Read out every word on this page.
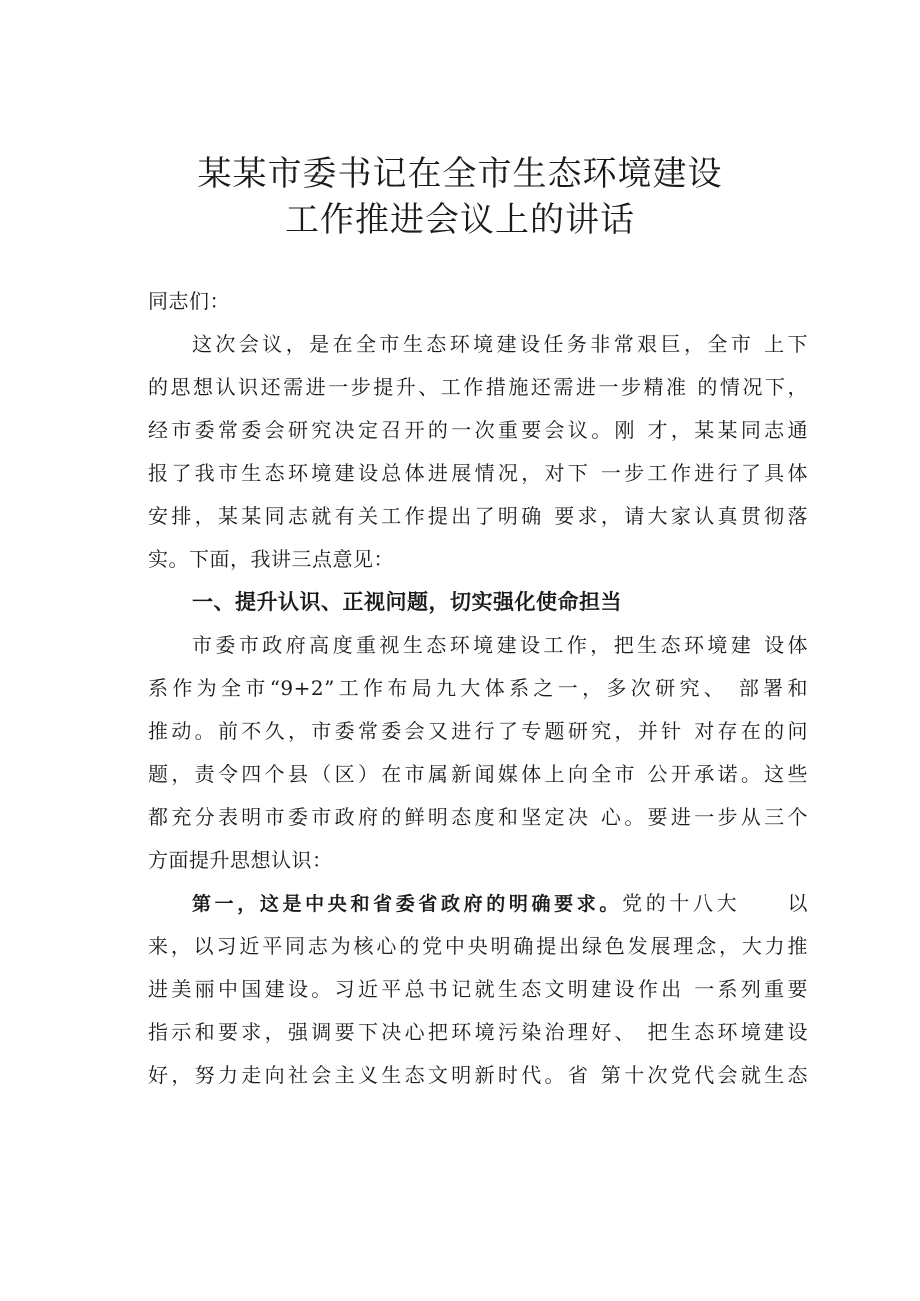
某某市委书记在全市生态环境建设
工作推进会议上的讲话
同志们：
这次会议，是在全市生态环境建设任务非常艰巨，全市 上下
的思想认识还需进一步提升、工作措施还需进一步精准 的情况下，
经市委常委会研究决定召开的一次重要会议。刚 才，某某同志通
报了我市生态环境建设总体进展情况，对下 一步工作进行了具体
安排，某某同志就有关工作提出了明确 要求，请大家认真贯彻落
实。下面，我讲三点意见：
一、提升认识、正视问题，切实强化使命担当
市委市政府高度重视生态环境建设工作，把生态环境建 设体
系作为全市“9+2”工作布局九大体系之一，多次研究、 部署和
推动。前不久，市委常委会又进行了专题研究，并针 对存在的问
题，责令四个县（区）在市属新闻媒体上向全市 公开承诺。这些
都充分表明市委市政府的鲜明态度和坚定决 心。要进一步从三个
方面提升思想认识：
第一，这是中央和省委省政府的明确要求。党的十八大　　以
来，以习近平同志为核心的党中央明确提出绿色发展理念，大力推
进美丽中国建设。习近平总书记就生态文明建设作出 一系列重要
指示和要求，强调要下决心把环境污染治理好、 把生态环境建设
好，努力走向社会主义生态文明新时代。省 第十次党代会就生态
